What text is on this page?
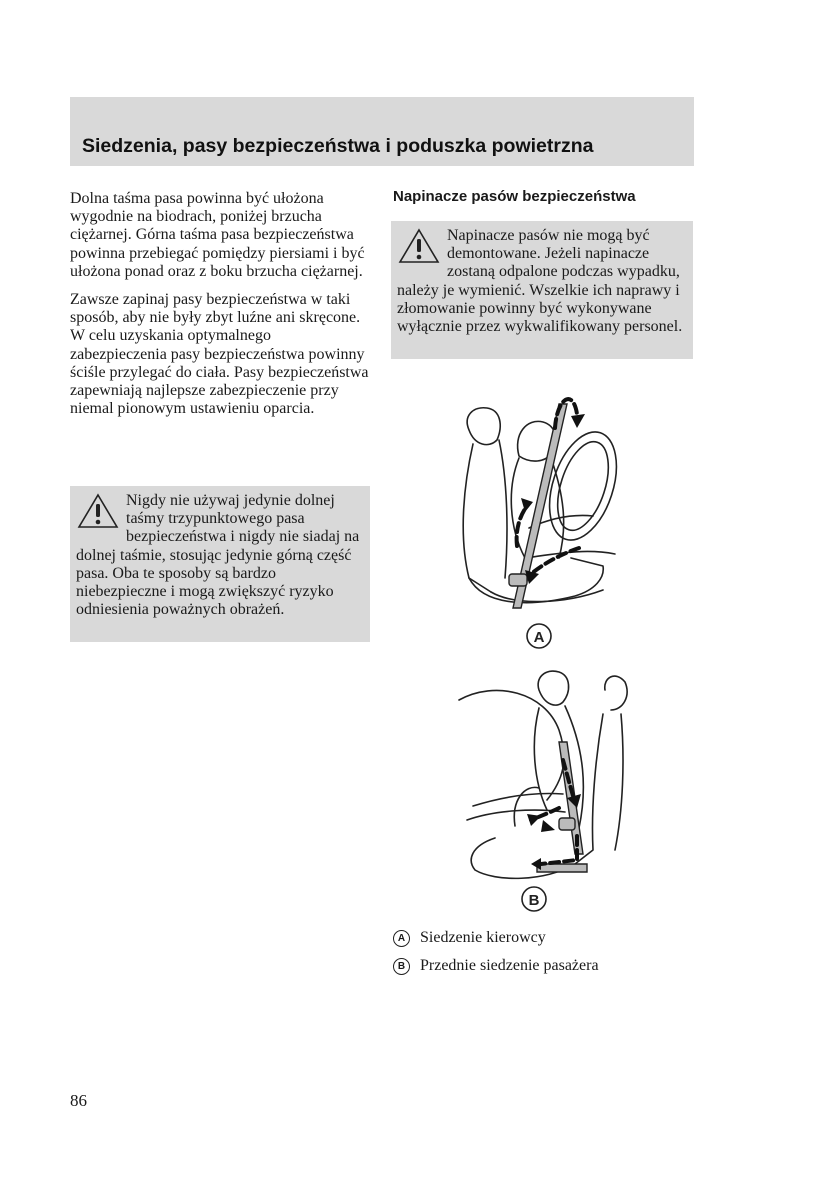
Siedzenia, pasy bezpieczeństwa i poduszka powietrzna

Dolna taśma pasa powinna być ułożona wygodnie na biodrach, poniżej brzucha ciężarnej. Górna taśma pasa bezpieczeństwa powinna przebiegać pomiędzy piersiami i być ułożona ponad oraz z boku brzucha ciężarnej.

Zawsze zapinaj pasy bezpieczeństwa w taki sposób, aby nie były zbyt luźne ani skręcone. W celu uzyskania optymalnego zabezpieczenia pasy bezpieczeństwa powinny ściśle przylegać do ciała. Pasy bezpieczeństwa zapewniają najlepsze zabezpieczenie przy niemal pionowym ustawieniu oparcia.

Nigdy nie używaj jedynie dolnej taśmy trzypunktowego pasa bezpieczeństwa i nigdy nie siadaj na dolnej taśmie, stosując jedynie górną część pasa. Oba te sposoby są bardzo niebezpieczne i mogą zwiększyć ryzyko odniesienia poważnych obrażeń.
Napinacze pasów bezpieczeństwa
Napinacze pasów nie mogą być demontowane. Jeżeli napinacze zostaną odpalone podczas wypadku, należy je wymienić. Wszelkie ich naprawy i złomowanie powinny być wykonywane wyłącznie przez wykwalifikowany personel.
A
B
A Siedzenie kierowcy
B Przednie siedzenie pasażera
86
